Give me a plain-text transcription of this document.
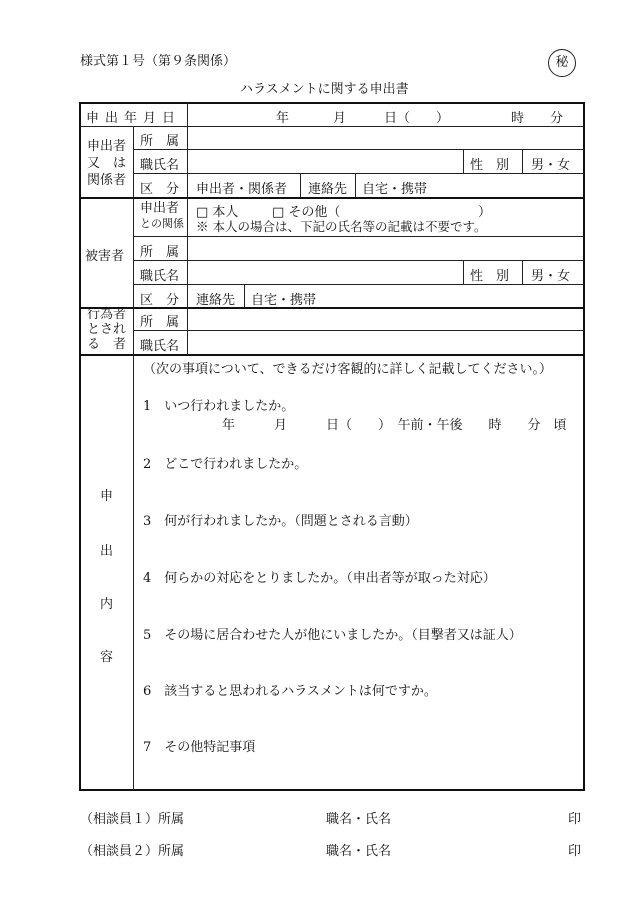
様式第１号（第９条関係）	秘
ハラスメントに関する申出書
申出年月日	年	月	日（　　）	時 分
申出者
又　は
関係者
所　属
職氏名	性　別 男・女
区　分 申出者・関係者 連絡先 自宅・携帯
被害者
申出者
との関係
□ 本人	□ その他（	）
※ 本人の場合は、下記の氏名等の記載は不要です。
所　属
職氏名	性　別 男・女
区　分 連絡先 自宅・携帯
行為者
とされ
る　者
所　属
職氏名
申
出
内
容
（次の事項について、できるだけ客観的に詳しく記載してください。）
1　いつ行われましたか。
年　　　月　　　日（　　）　午前・午後　　時　　分　頃
2　どこで行われましたか。
3　何が行われましたか。（問題とされる言動）
4　何らかの対応をとりましたか。（申出者等が取った対応）
5　その場に居合わせた人が他にいましたか。（目撃者又は証人）
6　該当すると思われるハラスメントは何ですか。
7　その他特記事項
（相談員１）所属	職名・氏名	印
（相談員２）所属	職名・氏名	印
